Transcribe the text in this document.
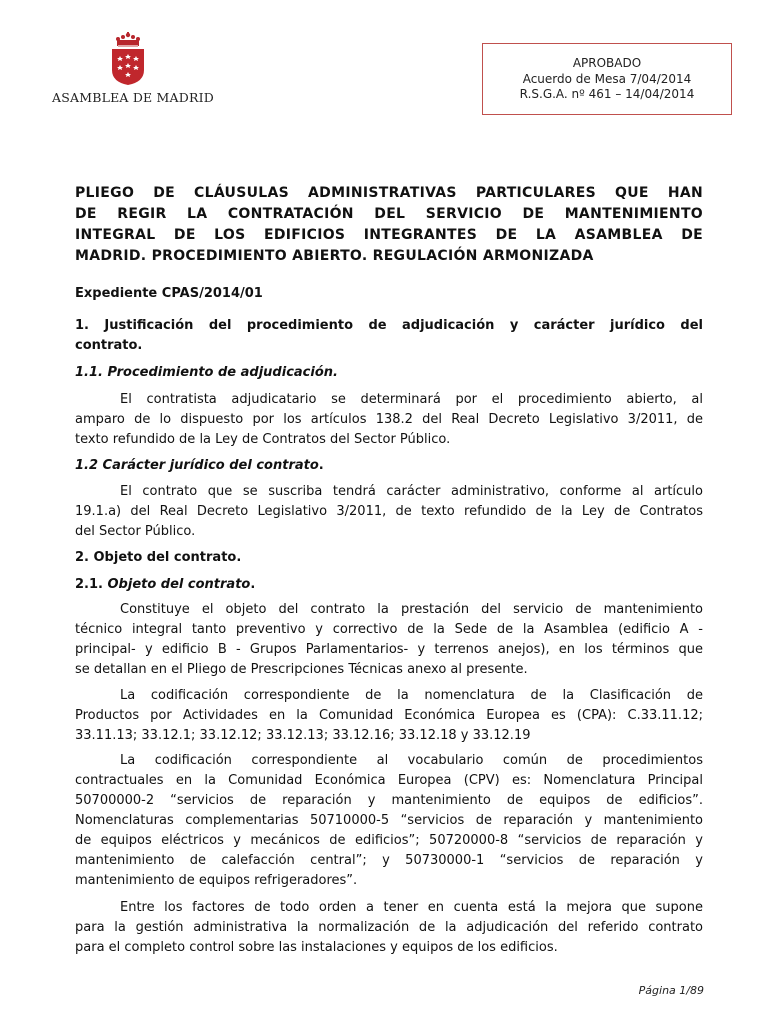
ASAMBLEA DE MADRID
APROBADO
Acuerdo de Mesa 7/04/2014
R.S.G.A. nº 461 – 14/04/2014
PLIEGO DE CLÁUSULAS ADMINISTRATIVAS PARTICULARES QUE HAN
DE REGIR LA CONTRATACIÓN DEL SERVICIO DE MANTENIMIENTO
INTEGRAL DE LOS EDIFICIOS INTEGRANTES DE LA ASAMBLEA DE
MADRID. PROCEDIMIENTO ABIERTO. REGULACIÓN ARMONIZADA
Expediente CPAS/2014/01
1. Justificación del procedimiento de adjudicación y carácter jurídico del
contrato.
1.1. Procedimiento de adjudicación.
El contratista adjudicatario se determinará por el procedimiento abierto, al
amparo de lo dispuesto por los artículos 138.2 del Real Decreto Legislativo 3/2011, de
texto refundido de la Ley de Contratos del Sector Público.
1.2 Carácter jurídico del contrato.
El contrato que se suscriba tendrá carácter administrativo, conforme al artículo
19.1.a) del Real Decreto Legislativo 3/2011, de texto refundido de la Ley de Contratos
del Sector Público.
2. Objeto del contrato.
2.1. Objeto del contrato.
Constituye el objeto del contrato la prestación del servicio de mantenimiento
técnico integral tanto preventivo y correctivo de la Sede de la Asamblea (edificio A -
principal- y edificio B - Grupos Parlamentarios- y terrenos anejos), en los términos que
se detallan en el Pliego de Prescripciones Técnicas anexo al presente.
La codificación correspondiente de la nomenclatura de la Clasificación de
Productos por Actividades en la Comunidad Económica Europea es (CPA): C.33.11.12;
33.11.13; 33.12.1; 33.12.12; 33.12.13; 33.12.16; 33.12.18 y 33.12.19
La codificación correspondiente al vocabulario común de procedimientos
contractuales en la Comunidad Económica Europea (CPV) es: Nomenclatura Principal
50700000-2 “servicios de reparación y mantenimiento de equipos de edificios”.
Nomenclaturas complementarias 50710000-5 “servicios de reparación y mantenimiento
de equipos eléctricos y mecánicos de edificios”; 50720000-8 “servicios de reparación y
mantenimiento de calefacción central”; y 50730000-1 “servicios de reparación y
mantenimiento de equipos refrigeradores”.
Entre los factores de todo orden a tener en cuenta está la mejora que supone
para la gestión administrativa la normalización de la adjudicación del referido contrato
para el completo control sobre las instalaciones y equipos de los edificios.
Página 1/89
